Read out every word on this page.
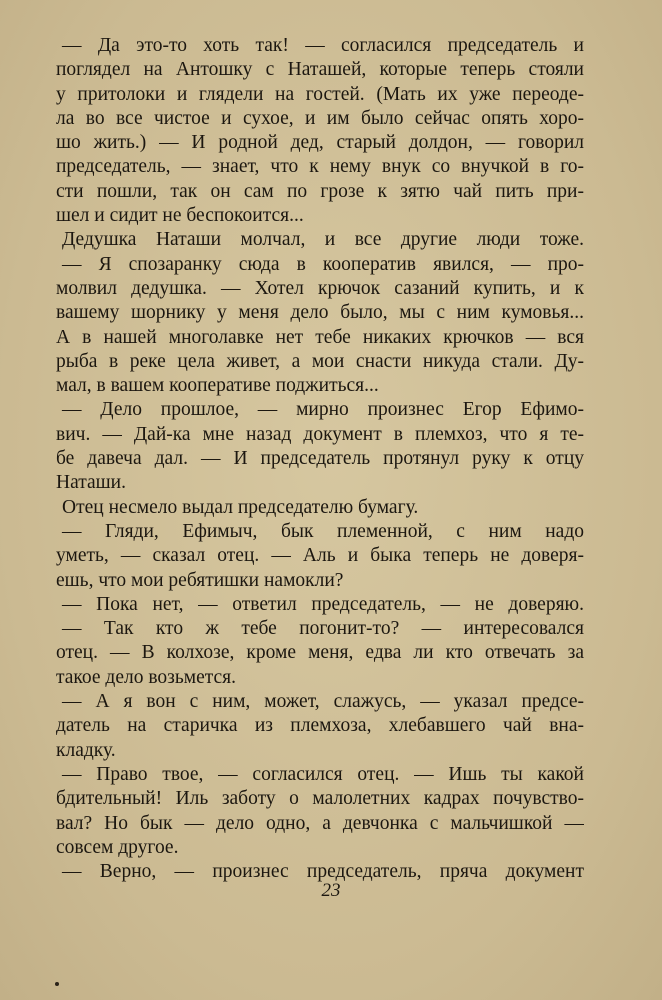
— Да это-то хоть так! — согласился председатель и
поглядел на Антошку с Наташей, которые теперь стояли
у притолоки и глядели на гостей. (Мать их уже переоде-
ла во все чистое и сухое, и им было сейчас опять хоро-
шо жить.) — И родной дед, старый долдон, — говорил
председатель, — знает, что к нему внук со внучкой в го-
сти пошли, так он сам по грозе к зятю чай пить при-
шел и сидит не беспокоится...
Дедушка Наташи молчал, и все другие люди тоже.
— Я спозаранку сюда в кооператив явился, — про-
молвил дедушка. — Хотел крючок сазаний купить, и к
вашему шорнику у меня дело было, мы с ним кумовья...
А в нашей многолавке нет тебе никаких крючков — вся
рыба в реке цела живет, а мои снасти никуда стали. Ду-
мал, в вашем кооперативе поджиться...
— Дело прошлое, — мирно произнес Егор Ефимо-
вич. — Дай-ка мне назад документ в племхоз, что я те-
бе давеча дал. — И председатель протянул руку к отцу
Наташи.
Отец несмело выдал председателю бумагу.
— Гляди, Ефимыч, бык племенной, с ним надо
уметь, — сказал отец. — Аль и быка теперь не доверя-
ешь, что мои ребятишки намокли?
— Пока нет, — ответил председатель, — не доверяю.
— Так кто ж тебе погонит-то? — интересовался
отец. — В колхозе, кроме меня, едва ли кто отвечать за
такое дело возьмется.
— А я вон с ним, может, слажусь, — указал предсе-
датель на старичка из племхоза, хлебавшего чай вна-
кладку.
— Право твое, — согласился отец. — Ишь ты какой
бдительный! Иль заботу о малолетних кадрах почувство-
вал? Но бык — дело одно, а девчонка с мальчишкой —
совсем другое.
— Верно, — произнес председатель, пряча документ
23
